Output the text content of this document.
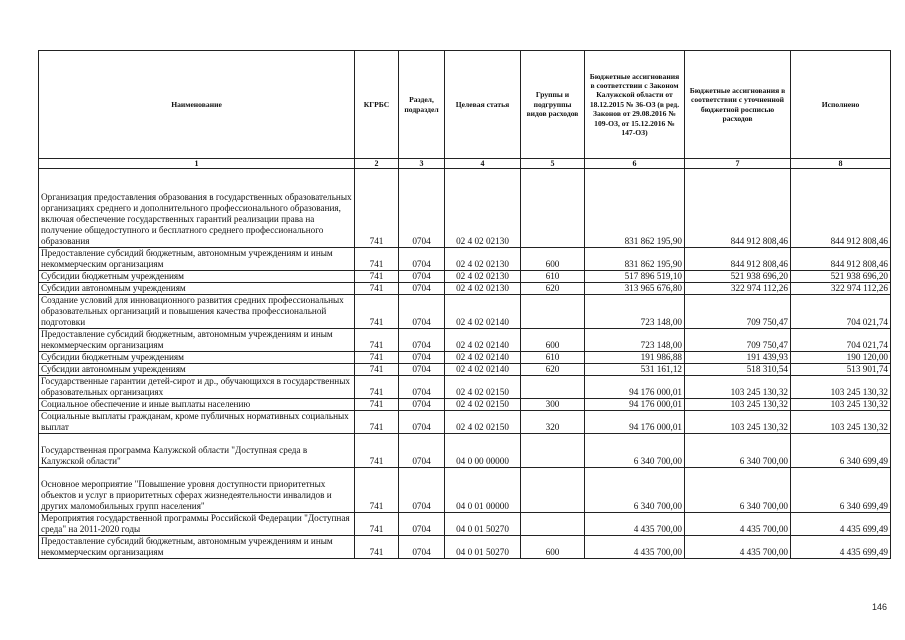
Наименование	КГРБС	Раздел, подраздел	Целевая статья	Группы и подгруппы видов расходов	Бюджетные ассигнования в соответствии с Законом Калужской области от 18.12.2015 № 36-ОЗ (в ред. Законов от 29.08.2016 № 109-ОЗ, от 15.12.2016 № 147-ОЗ)	Бюджетные ассигнования в соответствии с уточненной бюджетной росписью расходов	Исполнено
1	2	3	4	5	6	7	8
Организация предоставления образования в государственных образовательных организациях среднего и дополнительного профессионального образования, включая обеспечение государственных гарантий реализации права на получение общедоступного и бесплатного среднего профессионального образования	741	0704	02 4 02 02130		831 862 195,90	844 912 808,46	844 912 808,46
Предоставление субсидий бюджетным, автономным учреждениям и иным некоммерческим организациям	741	0704	02 4 02 02130	600	831 862 195,90	844 912 808,46	844 912 808,46
Субсидии бюджетным учреждениям	741	0704	02 4 02 02130	610	517 896 519,10	521 938 696,20	521 938 696,20
Субсидии автономным учреждениям	741	0704	02 4 02 02130	620	313 965 676,80	322 974 112,26	322 974 112,26
Создание условий для инновационного развития средних профессиональных образовательных организаций и повышения качества профессиональной подготовки	741	0704	02 4 02 02140		723 148,00	709 750,47	704 021,74
Предоставление субсидий бюджетным, автономным учреждениям и иным некоммерческим организациям	741	0704	02 4 02 02140	600	723 148,00	709 750,47	704 021,74
Субсидии бюджетным учреждениям	741	0704	02 4 02 02140	610	191 986,88	191 439,93	190 120,00
Субсидии автономным учреждениям	741	0704	02 4 02 02140	620	531 161,12	518 310,54	513 901,74
Государственные гарантии детей-сирот и др., обучающихся в государственных образовательных организациях	741	0704	02 4 02 02150		94 176 000,01	103 245 130,32	103 245 130,32
Социальное обеспечение и иные выплаты населению	741	0704	02 4 02 02150	300	94 176 000,01	103 245 130,32	103 245 130,32
Социальные выплаты гражданам, кроме публичных нормативных социальных выплат	741	0704	02 4 02 02150	320	94 176 000,01	103 245 130,32	103 245 130,32
Государственная программа Калужской области "Доступная среда в Калужской области"	741	0704	04 0 00 00000		6 340 700,00	6 340 700,00	6 340 699,49
Основное мероприятие "Повышение уровня доступности приоритетных объектов и услуг в приоритетных сферах жизнедеятельности инвалидов и других маломобильных групп населения"	741	0704	04 0 01 00000		6 340 700,00	6 340 700,00	6 340 699,49
Мероприятия государственной программы Российской Федерации "Доступная среда" на 2011-2020 годы	741	0704	04 0 01 50270		4 435 700,00	4 435 700,00	4 435 699,49
Предоставление субсидий бюджетным, автономным учреждениям и иным некоммерческим организациям	741	0704	04 0 01 50270	600	4 435 700,00	4 435 700,00	4 435 699,49
146
